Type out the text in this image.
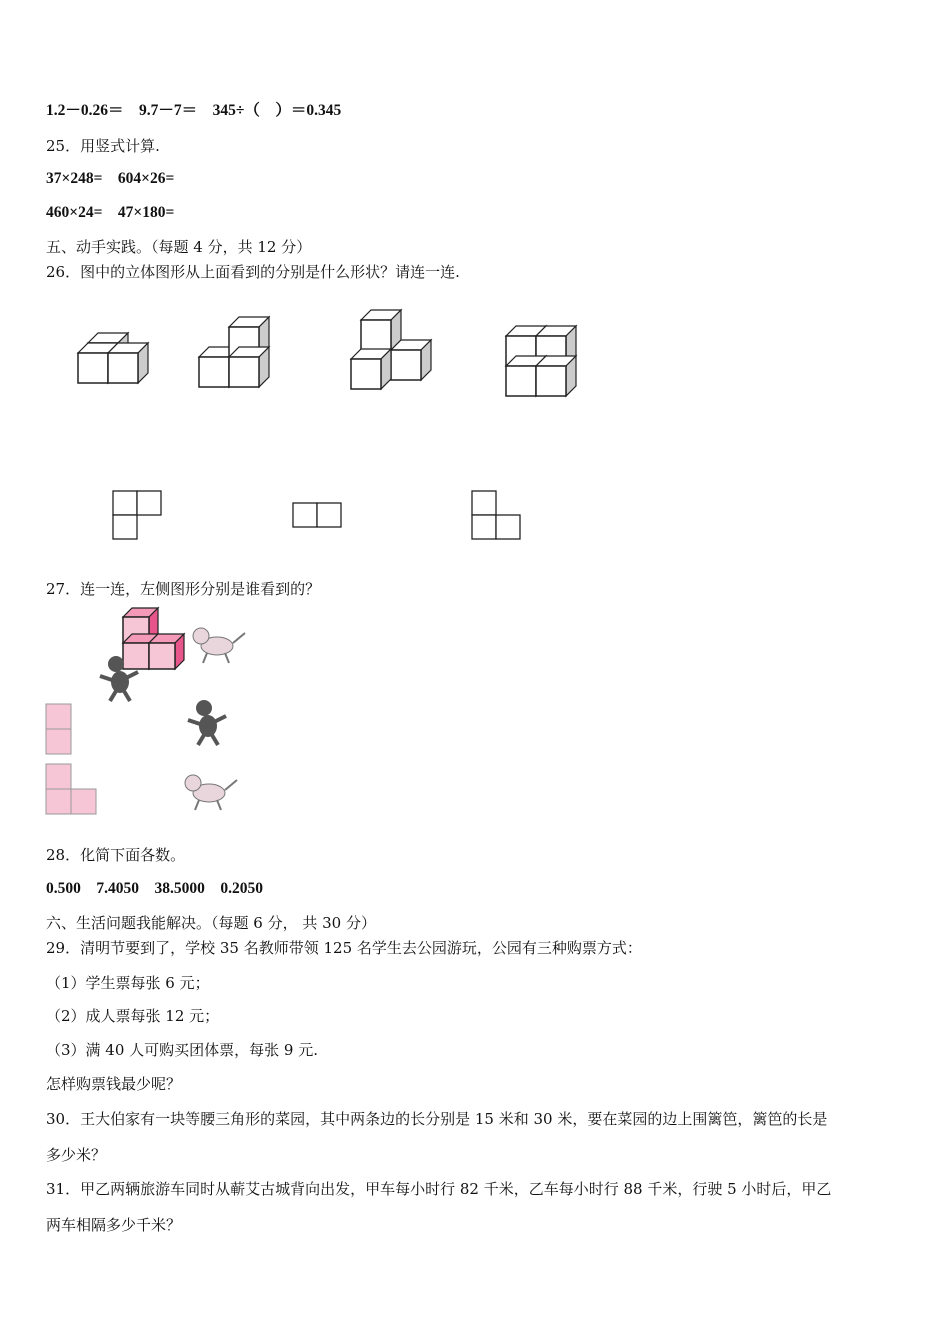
1.2－0.26＝　9.7－7＝　345÷（　）＝0.345
25．用竖式计算.
37×248=　604×26=
460×24=　47×180=
五、动手实践。（每题 4 分，共 12 分）
26．图中的立体图形从上面看到的分别是什么形状？请连一连.
27．连一连，左侧图形分别是谁看到的？
28．化简下面各数。
0.500　7.4050　38.5000　0.2050
六、生活问题我能解决。（每题 6 分， 共 30 分）
29．清明节要到了，学校 35 名教师带领 125 名学生去公园游玩，公园有三种购票方式：
（1）学生票每张 6 元；
（2）成人票每张 12 元；
（3）满 40 人可购买团体票，每张 9 元.
怎样购票钱最少呢？
30．王大伯家有一块等腰三角形的菜园，其中两条边的长分别是 15 米和 30 米，要在菜园的边上围篱笆，篱笆的长是
多少米？
31．甲乙两辆旅游车同时从蕲艾古城背向出发，甲车每小时行 82 千米，乙车每小时行 88 千米，行驶 5 小时后，甲乙
两车相隔多少千米？
